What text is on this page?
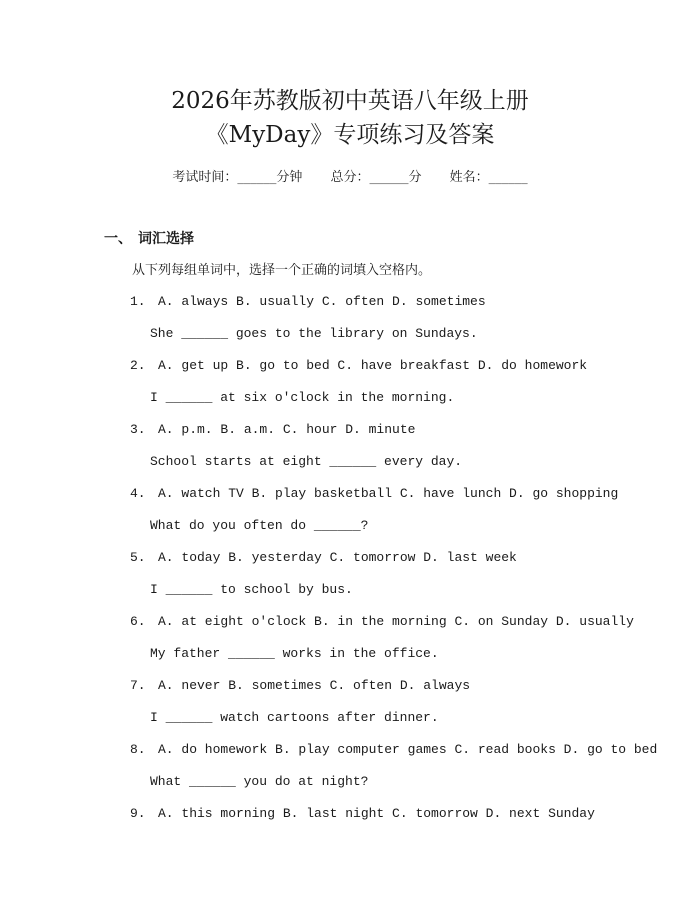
2026年苏教版初中英语八年级上册
《MyDay》专项练习及答案
考试时间：______分钟 总分：______分 姓名：______
一、 词汇选择
从下列每组单词中，选择一个正确的词填入空格内。
1. A. always B. usually C. often D. sometimes
She ______ goes to the library on Sundays.
2. A. get up B. go to bed C. have breakfast D. do homework
I ______ at six o'clock in the morning.
3. A. p.m. B. a.m. C. hour D. minute
School starts at eight ______ every day.
4. A. watch TV B. play basketball C. have lunch D. go shopping
What do you often do ______?
5. A. today B. yesterday C. tomorrow D. last week
I ______ to school by bus.
6. A. at eight o'clock B. in the morning C. on Sunday D. usually
My father ______ works in the office.
7. A. never B. sometimes C. often D. always
I ______ watch cartoons after dinner.
8. A. do homework B. play computer games C. read books D. go to bed
What ______ you do at night?
9. A. this morning B. last night C. tomorrow D. next Sunday
